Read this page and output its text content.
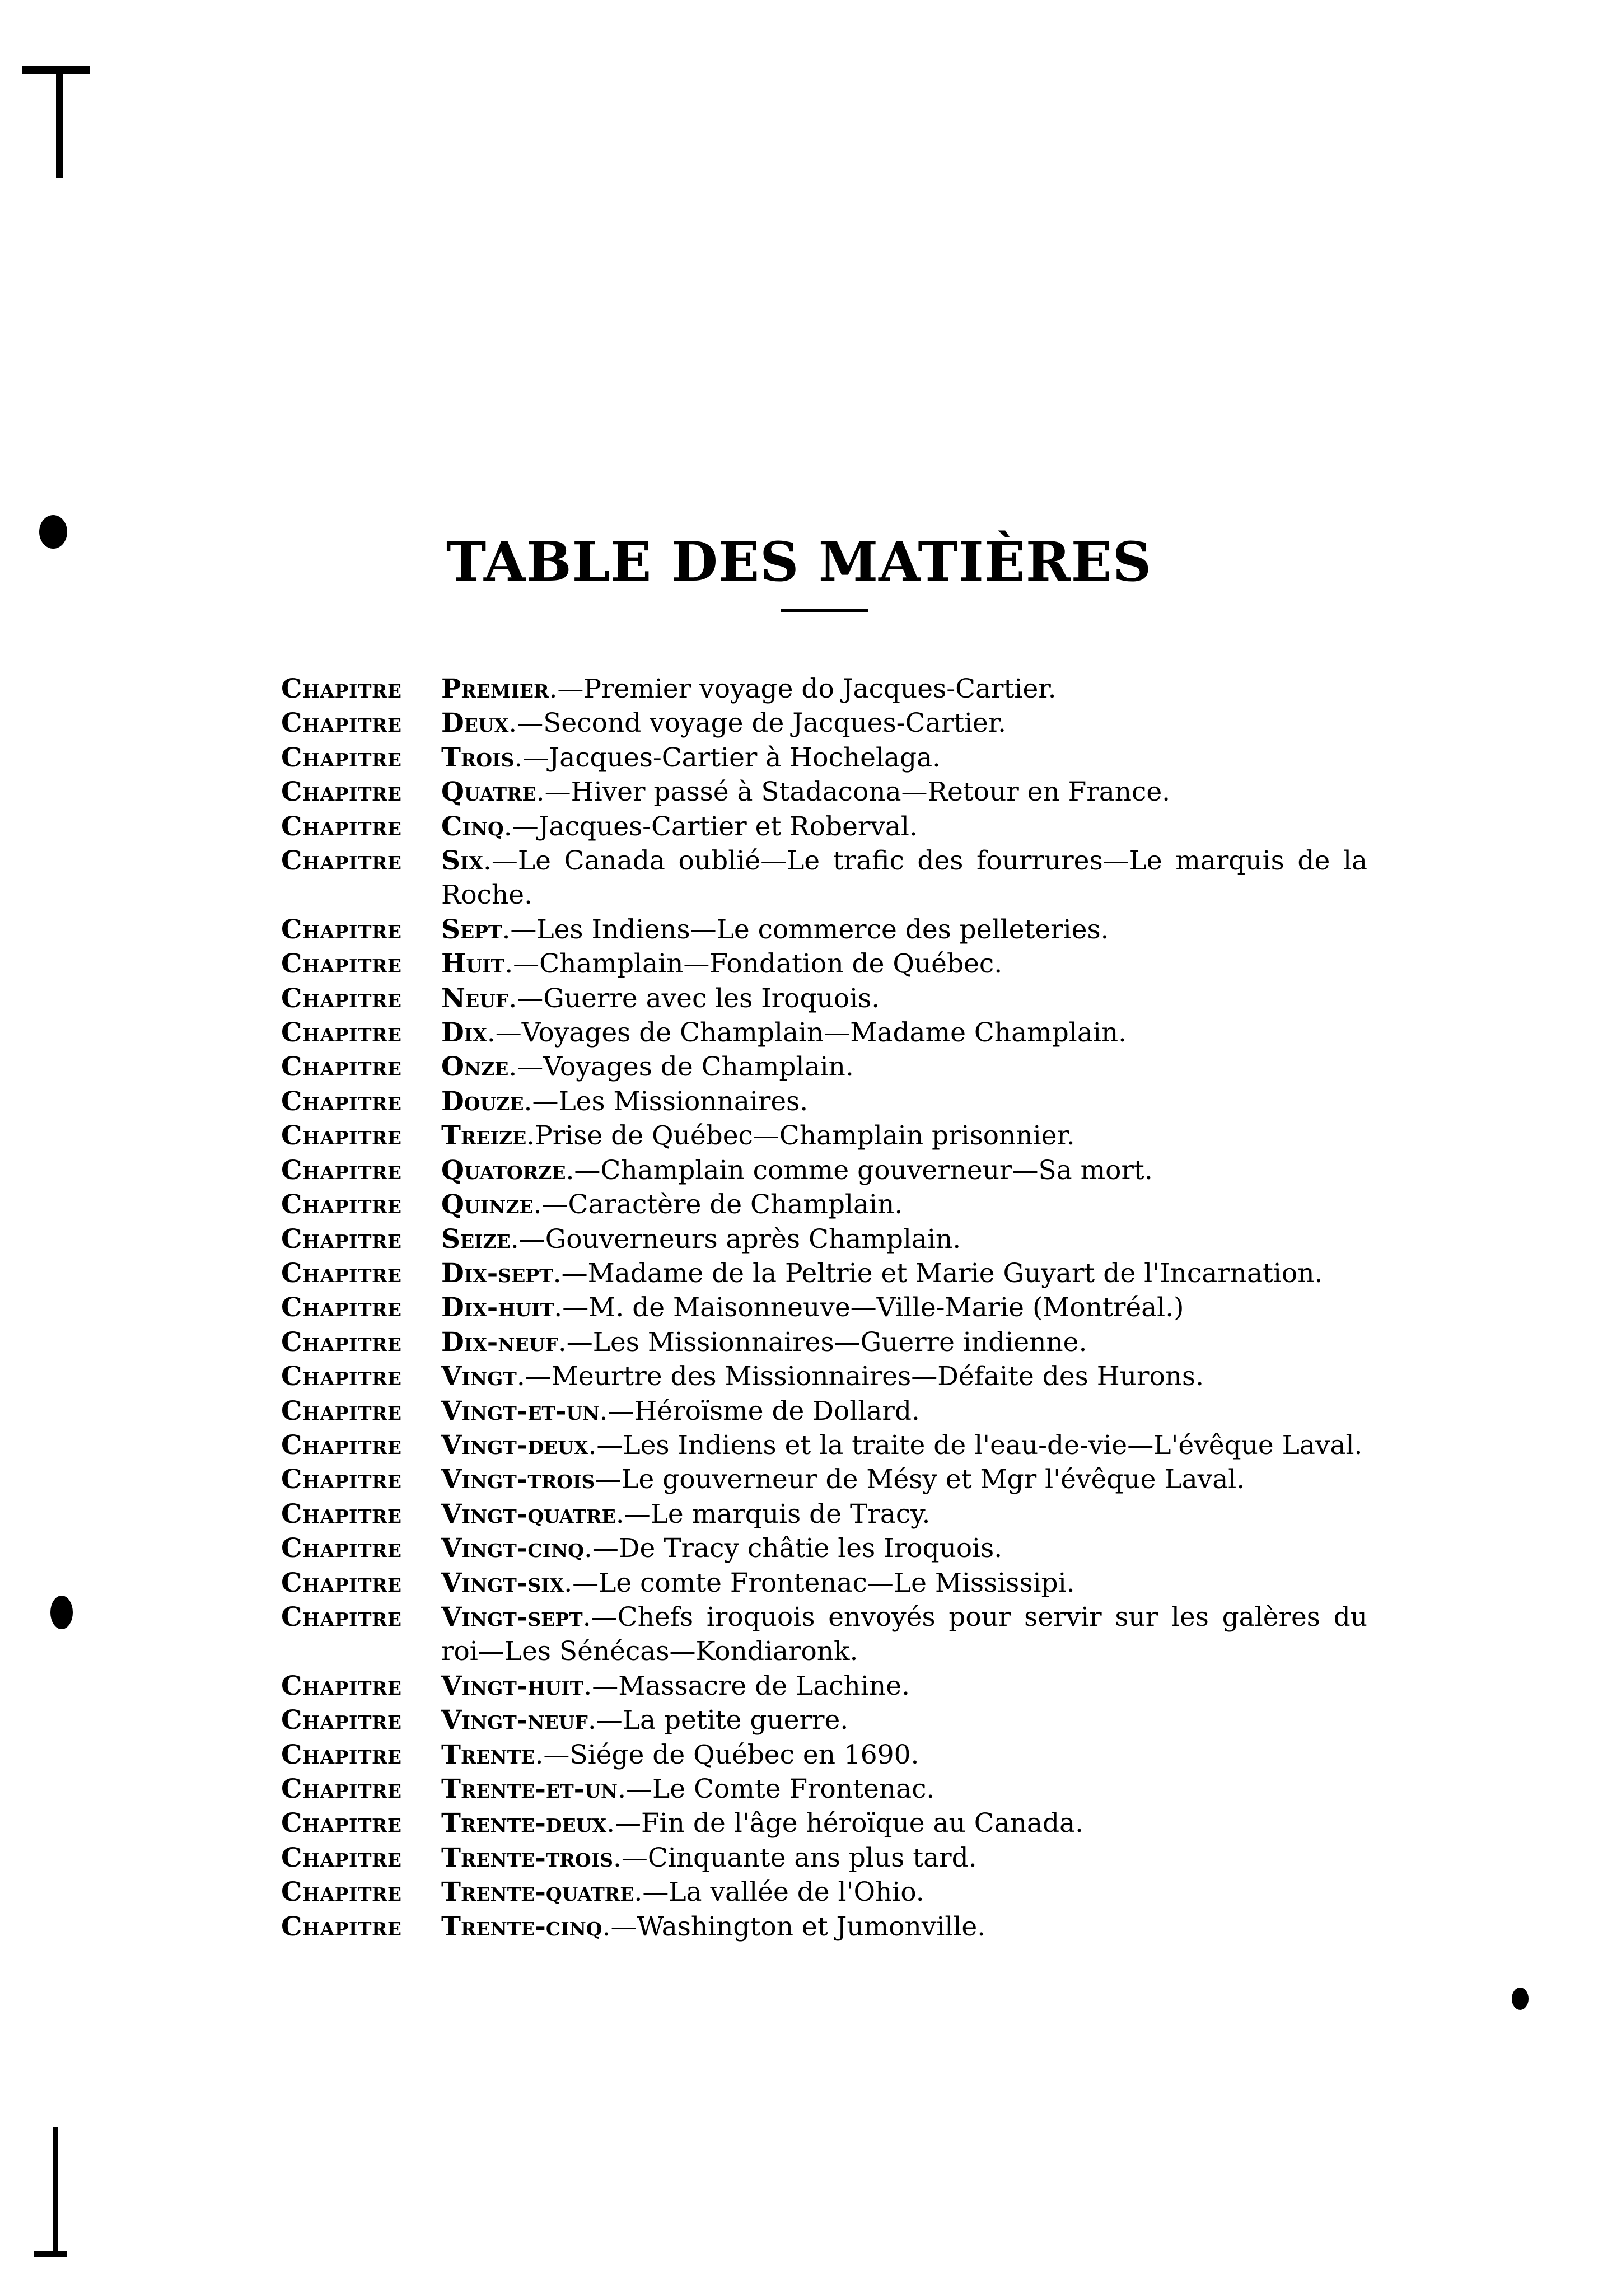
TABLE DES MATIÈRES
Chapitre	Premier.—Premier voyage do Jacques-Cartier.
Chapitre	Deux.—Second voyage de Jacques-Cartier.
Chapitre	Trois.—Jacques-Cartier à Hochelaga.
Chapitre	Quatre.—Hiver passé à Stadacona—Retour en France.
Chapitre	Cinq.—Jacques-Cartier et Roberval.
Chapitre	Six.—Le Canada oublié—Le trafic des fourrures—Le marquis de la Roche.
Chapitre	Sept.—Les Indiens—Le commerce des pelleteries.
Chapitre	Huit.—Champlain—Fondation de Québec.
Chapitre	Neuf.—Guerre avec les Iroquois.
Chapitre	Dix.—Voyages de Champlain—Madame Champlain.
Chapitre	Onze.—Voyages de Champlain.
Chapitre	Douze.—Les Missionnaires.
Chapitre	Treize.Prise de Québec—Champlain prisonnier.
Chapitre	Quatorze.—Champlain comme gouverneur—Sa mort.
Chapitre	Quinze.—Caractère de Champlain.
Chapitre	Seize.—Gouverneurs après Champlain.
Chapitre	Dix-sept.—Madame de la Peltrie et Marie Guyart de l'Incarnation.
Chapitre	Dix-huit.—M. de Maisonneuve—Ville-Marie (Montréal.)
Chapitre	Dix-neuf.—Les Missionnaires—Guerre indienne.
Chapitre	Vingt.—Meurtre des Missionnaires—Défaite des Hurons.
Chapitre	Vingt-et-un.—Héroïsme de Dollard.
Chapitre	Vingt-deux.—Les Indiens et la traite de l'eau-de-vie—L'évêque Laval.
Chapitre	Vingt-trois—Le gouverneur de Mésy et Mgr l'évêque Laval.
Chapitre	Vingt-quatre.—Le marquis de Tracy.
Chapitre	Vingt-cinq.—De Tracy châtie les Iroquois.
Chapitre	Vingt-six.—Le comte Frontenac—Le Mississipi.
Chapitre	Vingt-sept.—Chefs iroquois envoyés pour servir sur les galères du roi—Les Sénécas—Kondiaronk.
Chapitre	Vingt-huit.—Massacre de Lachine.
Chapitre	Vingt-neuf.—La petite guerre.
Chapitre	Trente.—Siége de Québec en 1690.
Chapitre	Trente-et-un.—Le Comte Frontenac.
Chapitre	Trente-deux.—Fin de l'âge héroïque au Canada.
Chapitre	Trente-trois.—Cinquante ans plus tard.
Chapitre	Trente-quatre.—La vallée de l'Ohio.
Chapitre	Trente-cinq.—Washington et Jumonville.
